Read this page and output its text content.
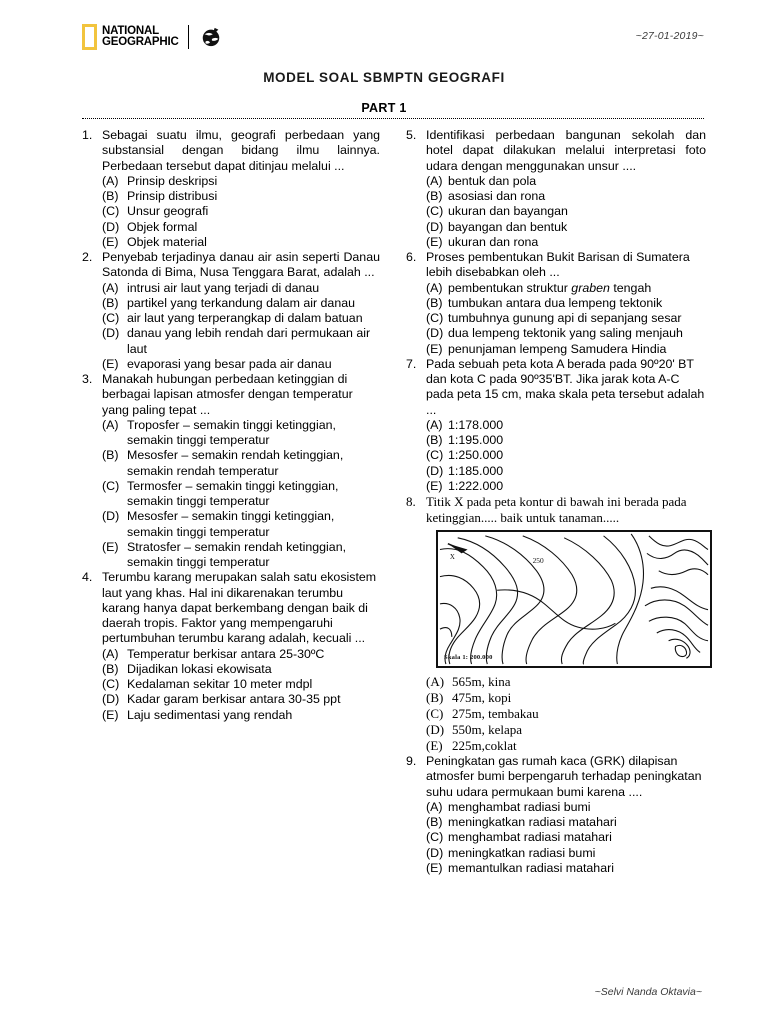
NATIONAL
GEOGRAPHIC	~27-01-2019~
MODEL SOAL SBMPTN GEOGRAFI
PART 1
1. Sebagai suatu ilmu, geografi perbedaan yang substansial dengan bidang ilmu lainnya. Perbedaan tersebut dapat ditinjau melalui ...
(A) Prinsip deskripsi
(B) Prinsip distribusi
(C) Unsur geografi
(D) Objek formal
(E) Objek material
2. Penyebab terjadinya danau air asin seperti Danau Satonda di Bima, Nusa Tenggara Barat, adalah ...
(A) intrusi air laut yang terjadi di danau
(B) partikel yang terkandung dalam air danau
(C) air laut yang terperangkap di dalam batuan
(D) danau yang lebih rendah dari permukaan air laut
(E) evaporasi yang besar pada air danau
3. Manakah hubungan perbedaan ketinggian di berbagai lapisan atmosfer dengan temperatur yang paling tepat ...
(A) Troposfer – semakin tinggi ketinggian, semakin tinggi temperatur
(B) Mesosfer – semakin rendah ketinggian, semakin rendah temperatur
(C) Termosfer – semakin tinggi ketinggian, semakin tinggi temperatur
(D) Mesosfer – semakin tinggi ketinggian, semakin tinggi temperatur
(E) Stratosfer – semakin rendah ketinggian, semakin tinggi temperatur
4. Terumbu karang merupakan salah satu ekosistem laut yang khas. Hal ini dikarenakan terumbu karang hanya dapat berkembang dengan baik di daerah tropis. Faktor yang mempengaruhi pertumbuhan terumbu karang adalah, kecuali ...
(A) Temperatur berkisar antara 25-30ºC
(B) Dijadikan lokasi ekowisata
(C) Kedalaman sekitar 10 meter mdpl
(D) Kadar garam berkisar antara 30-35 ppt
(E) Laju sedimentasi yang rendah
5. Identifikasi perbedaan bangunan sekolah dan hotel dapat dilakukan melalui interpretasi foto udara dengan menggunakan unsur ....
(A) bentuk dan pola
(B) asosiasi dan rona
(C) ukuran dan bayangan
(D) bayangan dan bentuk
(E) ukuran dan rona
6. Proses pembentukan Bukit Barisan di Sumatera lebih disebabkan oleh ...
(A) pembentukan struktur graben tengah
(B) tumbukan antara dua lempeng tektonik
(C) tumbuhnya gunung api di sepanjang sesar
(D) dua lempeng tektonik yang saling menjauh
(E) penunjaman lempeng Samudera Hindia
7. Pada sebuah peta kota A berada pada 90º20' BT dan kota C pada 90º35'BT. Jika jarak kota A-C pada peta 15 cm, maka skala peta tersebut adalah ...
(A) 1:178.000
(B) 1:195.000
(C) 1:250.000
(D) 1:185.000
(E) 1:222.000
8. Titik X pada peta kontur di bawah ini berada pada ketinggian..... baik untuk tanaman.....
X	250
Skala 1: 200.000
(A) 565m, kina
(B) 475m, kopi
(C) 275m, tembakau
(D) 550m, kelapa
(E) 225m,coklat
9. Peningkatan gas rumah kaca (GRK) dilapisan atmosfer bumi berpengaruh terhadap peningkatan suhu udara permukaan bumi karena ....
(A) menghambat radiasi bumi
(B) meningkatkan radiasi matahari
(C) menghambat radiasi matahari
(D) meningkatkan radiasi bumi
(E) memantulkan radiasi matahari
~Selvi Nanda Oktavia~
